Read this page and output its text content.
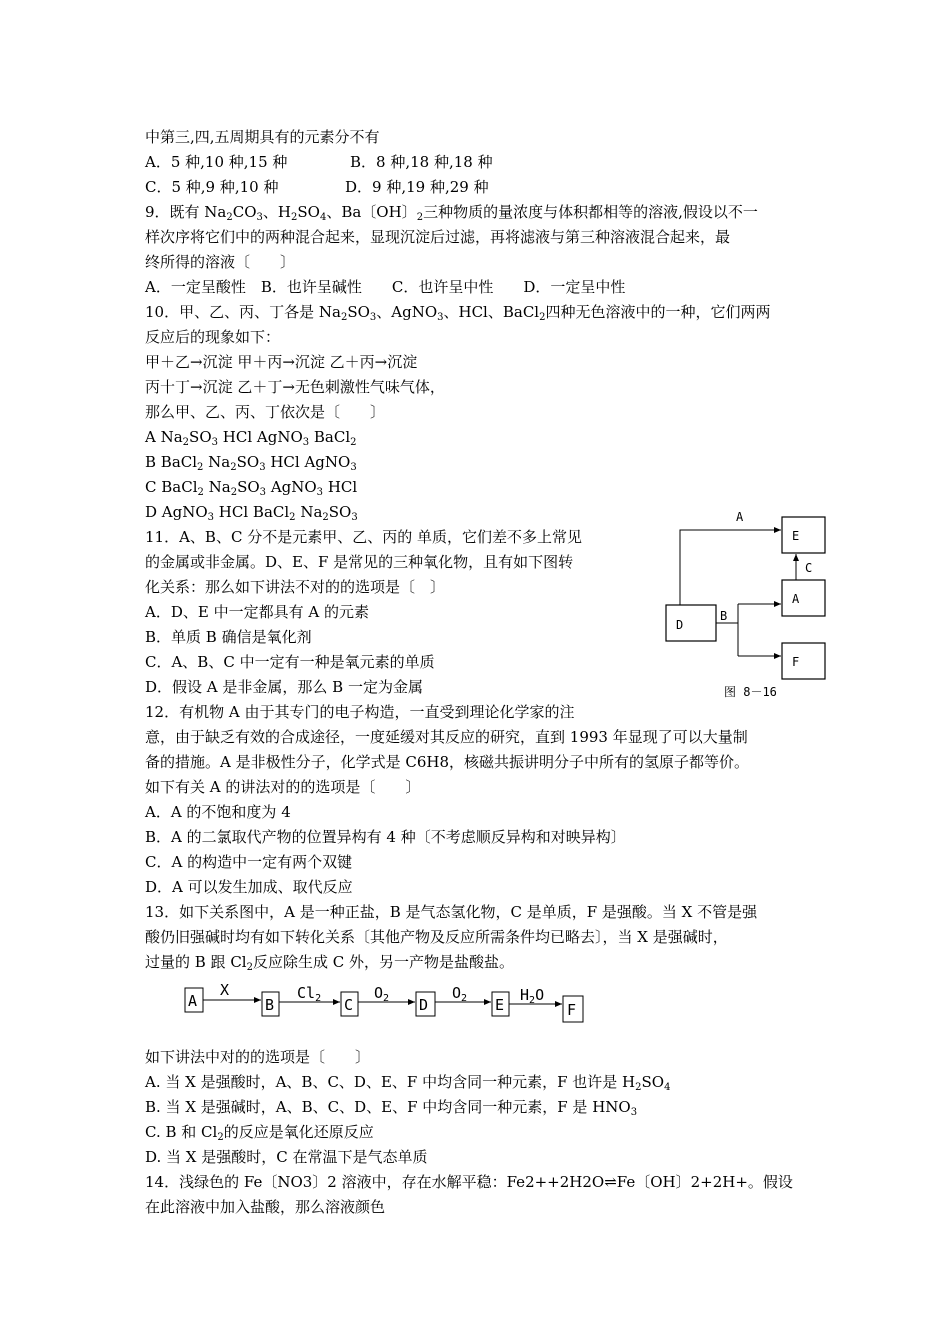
中第三,四,五周期具有的元素分不有
A．5 种,10 种,15 种	B．8 种,18 种,18 种
C．5 种,9 种,10 种	D．9 种,19 种,29 种
9．既有 $Na_2CO_3$、$H_2SO_4$、Ba〔OH〕$_2$三种物质的量浓度与体积都相等的溶液,假设以不一
样次序将它们中的两种混合起来，显现沉淀后过滤，再将滤液与第三种溶液混合起来，最
终所得的溶液〔　　〕
A．一定呈酸性　B．也许呈碱性　　C．也许呈中性　　D．一定呈中性
10．甲、乙、丙、丁各是 $Na_2SO_3$、AgNO$_3$、HCl、BaCl$_2$四种无色溶液中的一种，它们两两
反应后的现象如下：
甲＋乙→沉淀 甲＋丙→沉淀 乙＋丙→沉淀
丙十丁→沉淀 乙＋丁→无色刺激性气味气体，
那么甲、乙、丙、丁依次是〔　　〕
A $Na_2SO_3$ HCl AgNO$_3$ BaCl$_2$
B BaCl$_2$ $Na_2SO_3$ HCl AgNO$_3$
C BaCl$_2$ $Na_2SO_3$ AgNO$_3$ HCl
D AgNO$_3$ HCl BaCl$_2$ $Na_2SO_3$
11．A、B、C 分不是元素甲、乙、丙的 单质，它们差不多上常见
的金属或非金属。D、E、F 是常见的三种氧化物，且有如下图转
化关系：那么如下讲法不对的的选项是〔　〕
A．D、E 中一定都具有 A 的元素
B．单质 B 确信是氧化剂
C．A、B、C 中一定有一种是氧元素的单质
D．假设 A 是非金属，那么 B 一定为金属
D
E
A
F
A
B
C
图 8－16
12．有机物 A 由于其专门的电子构造，一直受到理论化学家的注
意，由于缺乏有效的合成途径，一度延缓对其反应的研究，直到 1993 年显现了可以大量制
备的措施。A 是非极性分子，化学式是 C6H8，核磁共振讲明分子中所有的氢原子都等价。
如下有关 A 的讲法对的的选项是〔　　〕
A．A 的不饱和度为 4
B．A 的二氯取代产物的位置异构有 4 种〔不考虑顺反异构和对映异构〕
C．A 的构造中一定有两个双键
D．A 可以发生加成、取代反应
13．如下关系图中，A 是一种正盐，B 是气态氢化物，C 是单质，F 是强酸。当 X 不管是强
酸仍旧强碱时均有如下转化关系〔其他产物及反应所需条件均已略去〕，当 X 是强碱时，
过量的 B 跟 $Cl_2$反应除生成 C 外，另一产物是盐酸盐。
A	B	C	D	E	F
X	$Cl_2$	$O_2$	$O_2$	$H_2O$
如下讲法中对的的选项是〔　　〕
A. 当 X 是强酸时，A、B、C、D、E、F 中均含同一种元素，F 也许是 $H_2SO_4$
B. 当 X 是强碱时，A、B、C、D、E、F 中均含同一种元素，F 是 $HNO_3$
C. B 和 $Cl_2$的反应是氧化还原反应
D. 当 X 是强酸时，C 在常温下是气态单质
14．浅绿色的 Fe〔NO3〕2 溶液中，存在水解平稳：Fe2++2H2O⇌Fe〔OH〕2+2H+。假设
在此溶液中加入盐酸，那么溶液颜色
